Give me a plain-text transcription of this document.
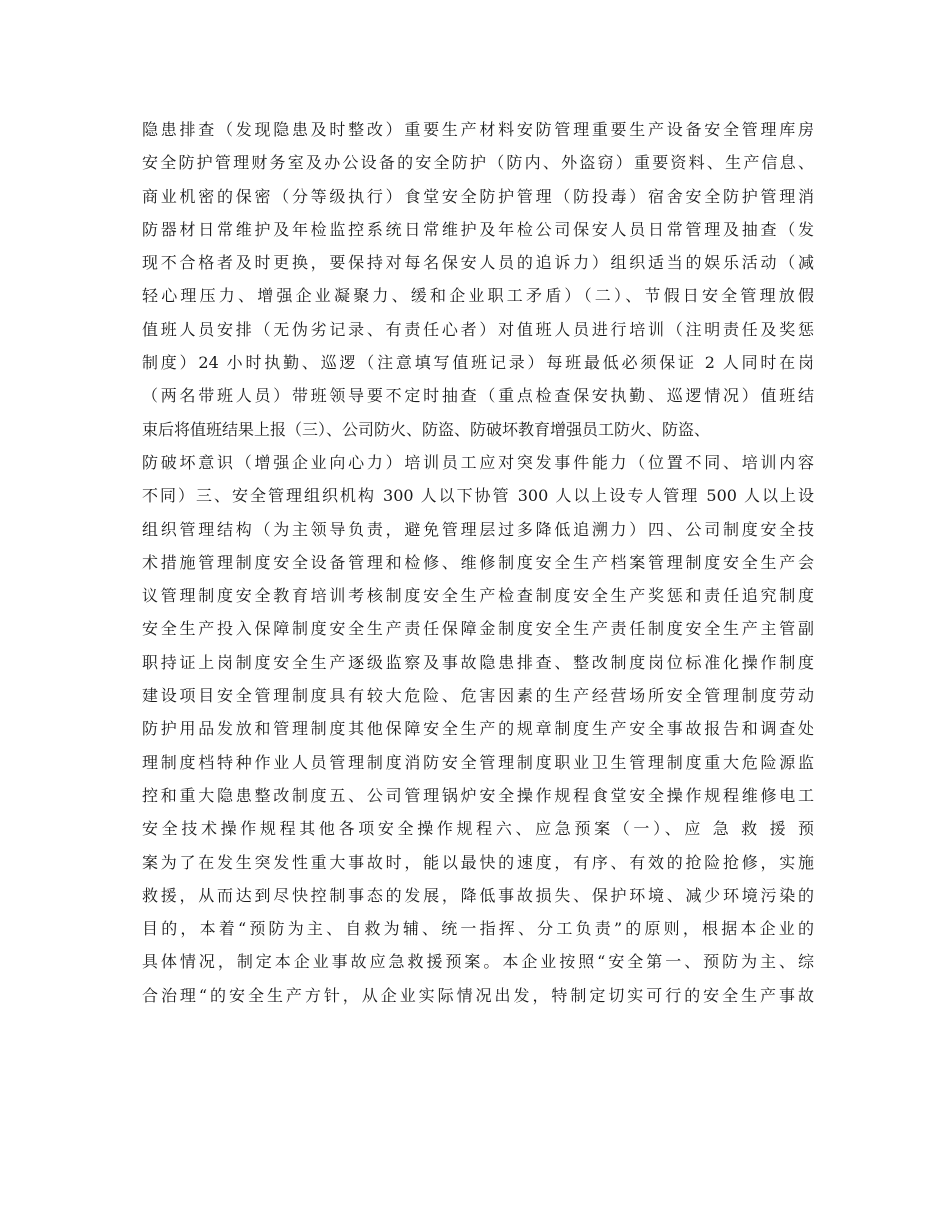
隐患排查（发现隐患及时整改）重要生产材料安防管理重要生产设备安全管理库房
安全防护管理财务室及办公设备的安全防护（防内、外盗窃）重要资料、生产信息、
商业机密的保密（分等级执行）食堂安全防护管理（防投毒）宿舍安全防护管理消
防器材日常维护及年检监控系统日常维护及年检公司保安人员日常管理及抽查（发
现不合格者及时更换，要保持对每名保安人员的追诉力）组织适当的娱乐活动（减
轻心理压力、增强企业凝聚力、缓和企业职工矛盾）（二）、节假日安全管理放假
值班人员安排（无伪劣记录、有责任心者）对值班人员进行培训（注明责任及奖惩
制度）24 小时执勤、巡逻（注意填写值班记录）每班最低必须保证 2 人同时在岗
（两名带班人员）带班领导要不定时抽查（重点检查保安执勤、巡逻情况）值班结
束后将值班结果上报（三）、公司防火、防盗、防破坏教育增强员工防火、防盗、
防破坏意识（增强企业向心力）培训员工应对突发事件能力（位置不同、培训内容
不同）三、安全管理组织机构 300 人以下协管 300 人以上设专人管理 500 人以上设
组织管理结构（为主领导负责，避免管理层过多降低追溯力）四、公司制度安全技
术措施管理制度安全设备管理和检修、维修制度安全生产档案管理制度安全生产会
议管理制度安全教育培训考核制度安全生产检查制度安全生产奖惩和责任追究制度
安全生产投入保障制度安全生产责任保障金制度安全生产责任制度安全生产主管副
职持证上岗制度安全生产逐级监察及事故隐患排查、整改制度岗位标准化操作制度
建设项目安全管理制度具有较大危险、危害因素的生产经营场所安全管理制度劳动
防护用品发放和管理制度其他保障安全生产的规章制度生产安全事故报告和调查处
理制度档特种作业人员管理制度消防安全管理制度职业卫生管理制度重大危险源监
控和重大隐患整改制度五、公司管理锅炉安全操作规程食堂安全操作规程维修电工
安全技术操作规程其他各项安全操作规程六、应急预案（一）、应 急 救 援 预
案为了在发生突发性重大事故时，能以最快的速度，有序、有效的抢险抢修，实施
救援，从而达到尽快控制事态的发展，降低事故损失、保护环境、减少环境污染的
目的，本着“预防为主、自救为辅、统一指挥、分工负责”的原则，根据本企业的
具体情况，制定本企业事故应急救援预案。本企业按照“安全第一、预防为主、综
合治理“的安全生产方针，从企业实际情况出发，特制定切实可行的安全生产事故
